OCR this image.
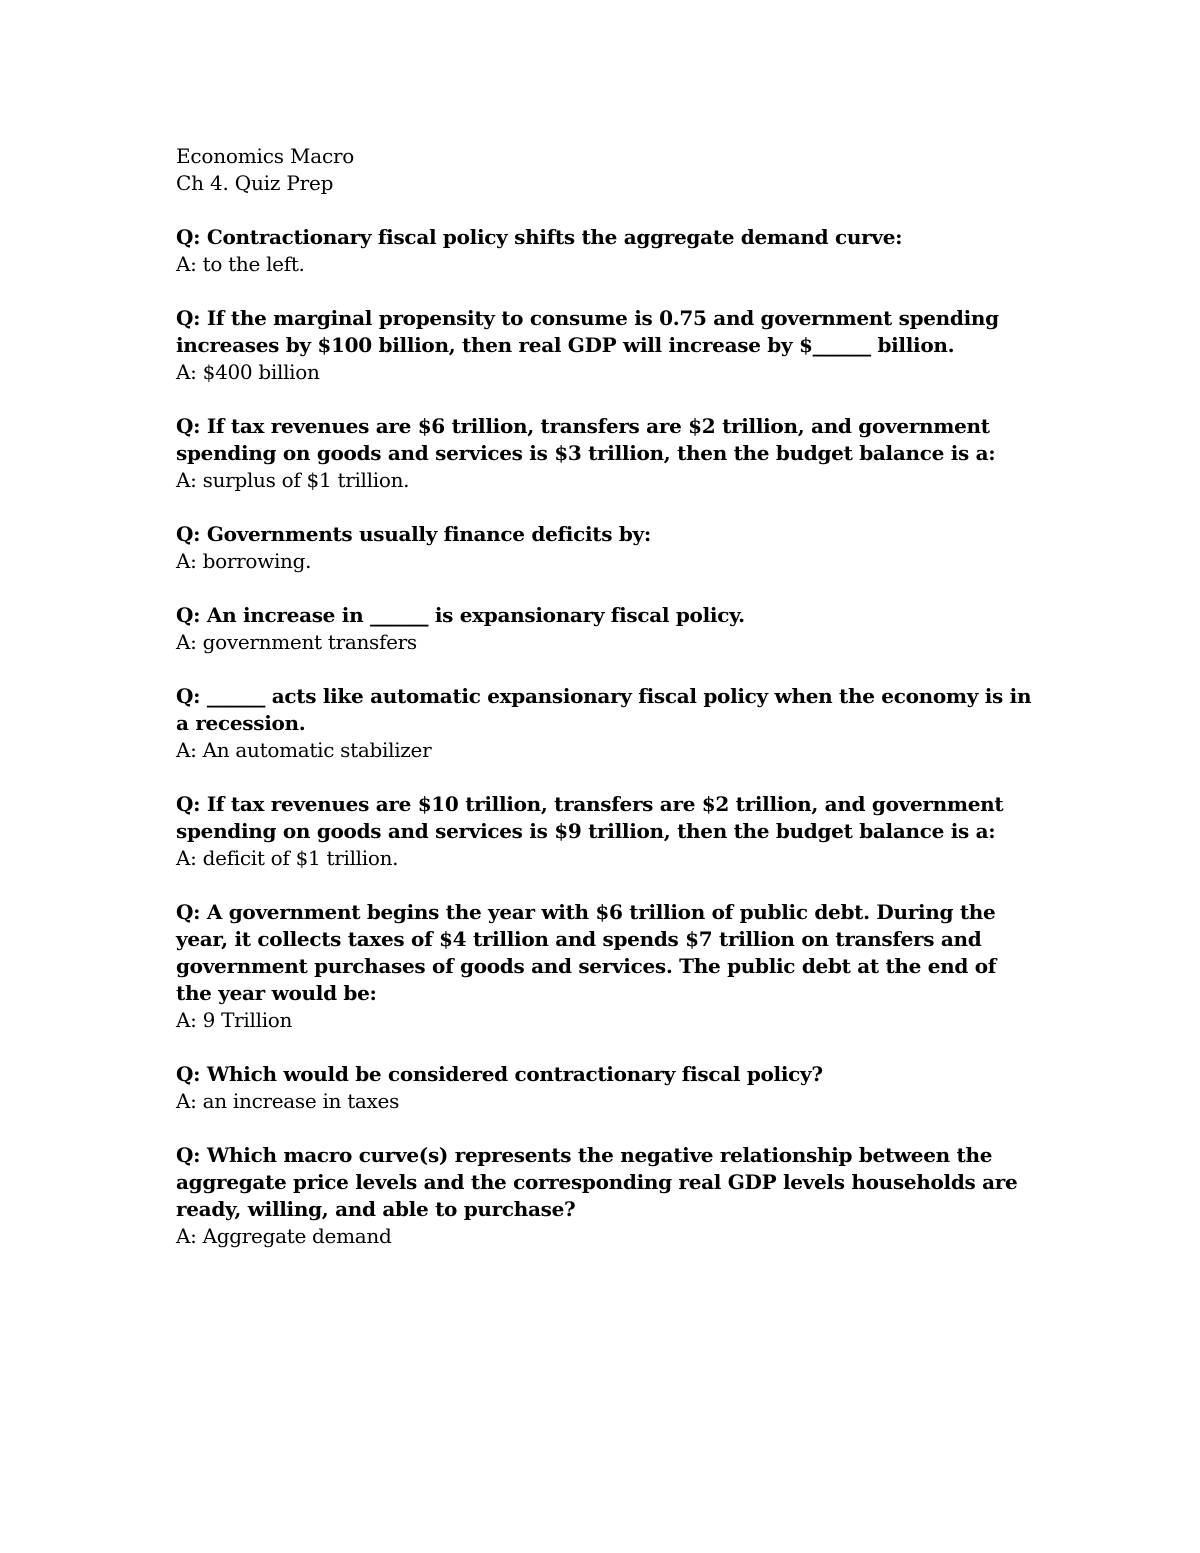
Economics Macro
Ch 4. Quiz Prep
Q: Contractionary fiscal policy shifts the aggregate demand curve:
A: to the left.
Q: If the marginal propensity to consume is 0.75 and government spending increases by $100 billion, then real GDP will increase by $______ billion.
A: $400 billion
Q: If tax revenues are $6 trillion, transfers are $2 trillion, and government spending on goods and services is $3 trillion, then the budget balance is a:
A: surplus of $1 trillion.
Q: Governments usually finance deficits by:
A: borrowing.
Q: An increase in ______ is expansionary fiscal policy.
A: government transfers
Q: ______ acts like automatic expansionary fiscal policy when the economy is in a recession.
A: An automatic stabilizer
Q: If tax revenues are $10 trillion, transfers are $2 trillion, and government spending on goods and services is $9 trillion, then the budget balance is a:
A: deficit of $1 trillion.
Q: A government begins the year with $6 trillion of public debt. During the year, it collects taxes of $4 trillion and spends $7 trillion on transfers and government purchases of goods and services. The public debt at the end of the year would be:
A: 9 Trillion
Q: Which would be considered contractionary fiscal policy?
A: an increase in taxes
Q: Which macro curve(s) represents the negative relationship between the aggregate price levels and the corresponding real GDP levels households are ready, willing, and able to purchase?
A: Aggregate demand
